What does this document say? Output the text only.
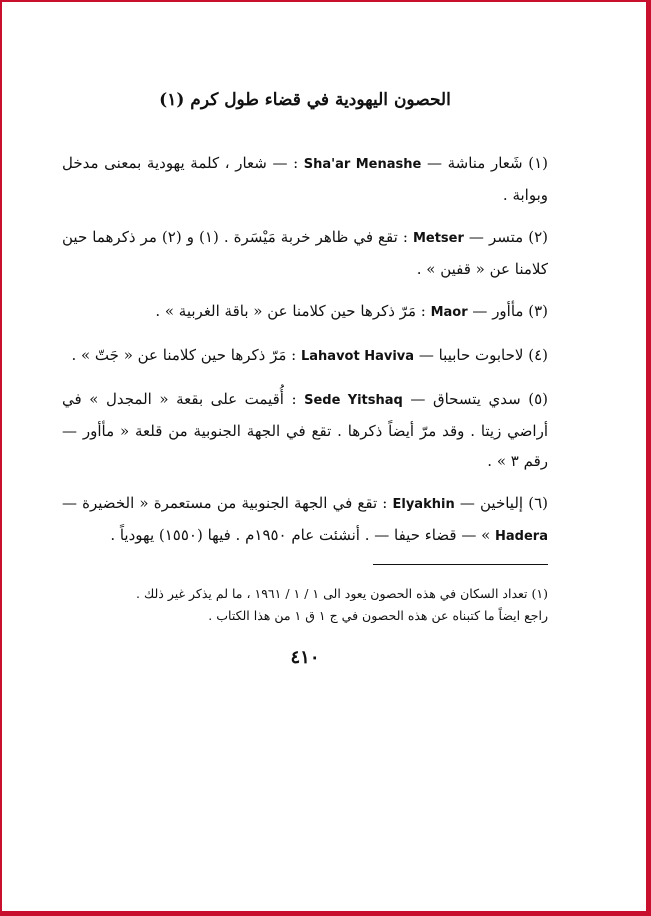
الحصون اليهودية في قضاء طول كرم (١)
(١) شَعار مناشة — Sha'ar Menashe : — شعار ، كلمة يهودية بمعنى مدخل وبوابة .
(٢) متسر — Metser : تقع في ظاهر خربة مَيْسَرة . (١) و (٢) مر ذكرهما حين كلامنا عن « قفين » .
(٣) مأأور — Maor : مَرّ ذكرها حين كلامنا عن « باقة الغربية » .
(٤) لاحابوت حابيبا — Lahavot Haviva : مَرّ ذكرها حين كلامنا عن « جَتّ » .
(٥) سدي يتسحاق — Sede Yitshaq : أُقيمت على بقعة « المجدل » في أراضي زيتا . وقد مرّ أيضاً ذكرها . تقع في الجهة الجنوبية من قلعة « مأأور — رقم ٣ » .
(٦) إلياخين — Elyakhin : تقع في الجهة الجنوبية من مستعمرة « الخضيرة — Hadera » — قضاء حيفا — . أنشئت عام ١٩٥٠م . فيها (١٥٥٠) يهودياً .
(١) تعداد السكان في هذه الحصون يعود الى ١ / ١ / ١٩٦١ ، ما لم يذكر غير ذلك .
راجع ايضاً ما كتبناه عن هذه الحصون في ج ١ ق ١ من هذا الكتاب .
٤١٠
